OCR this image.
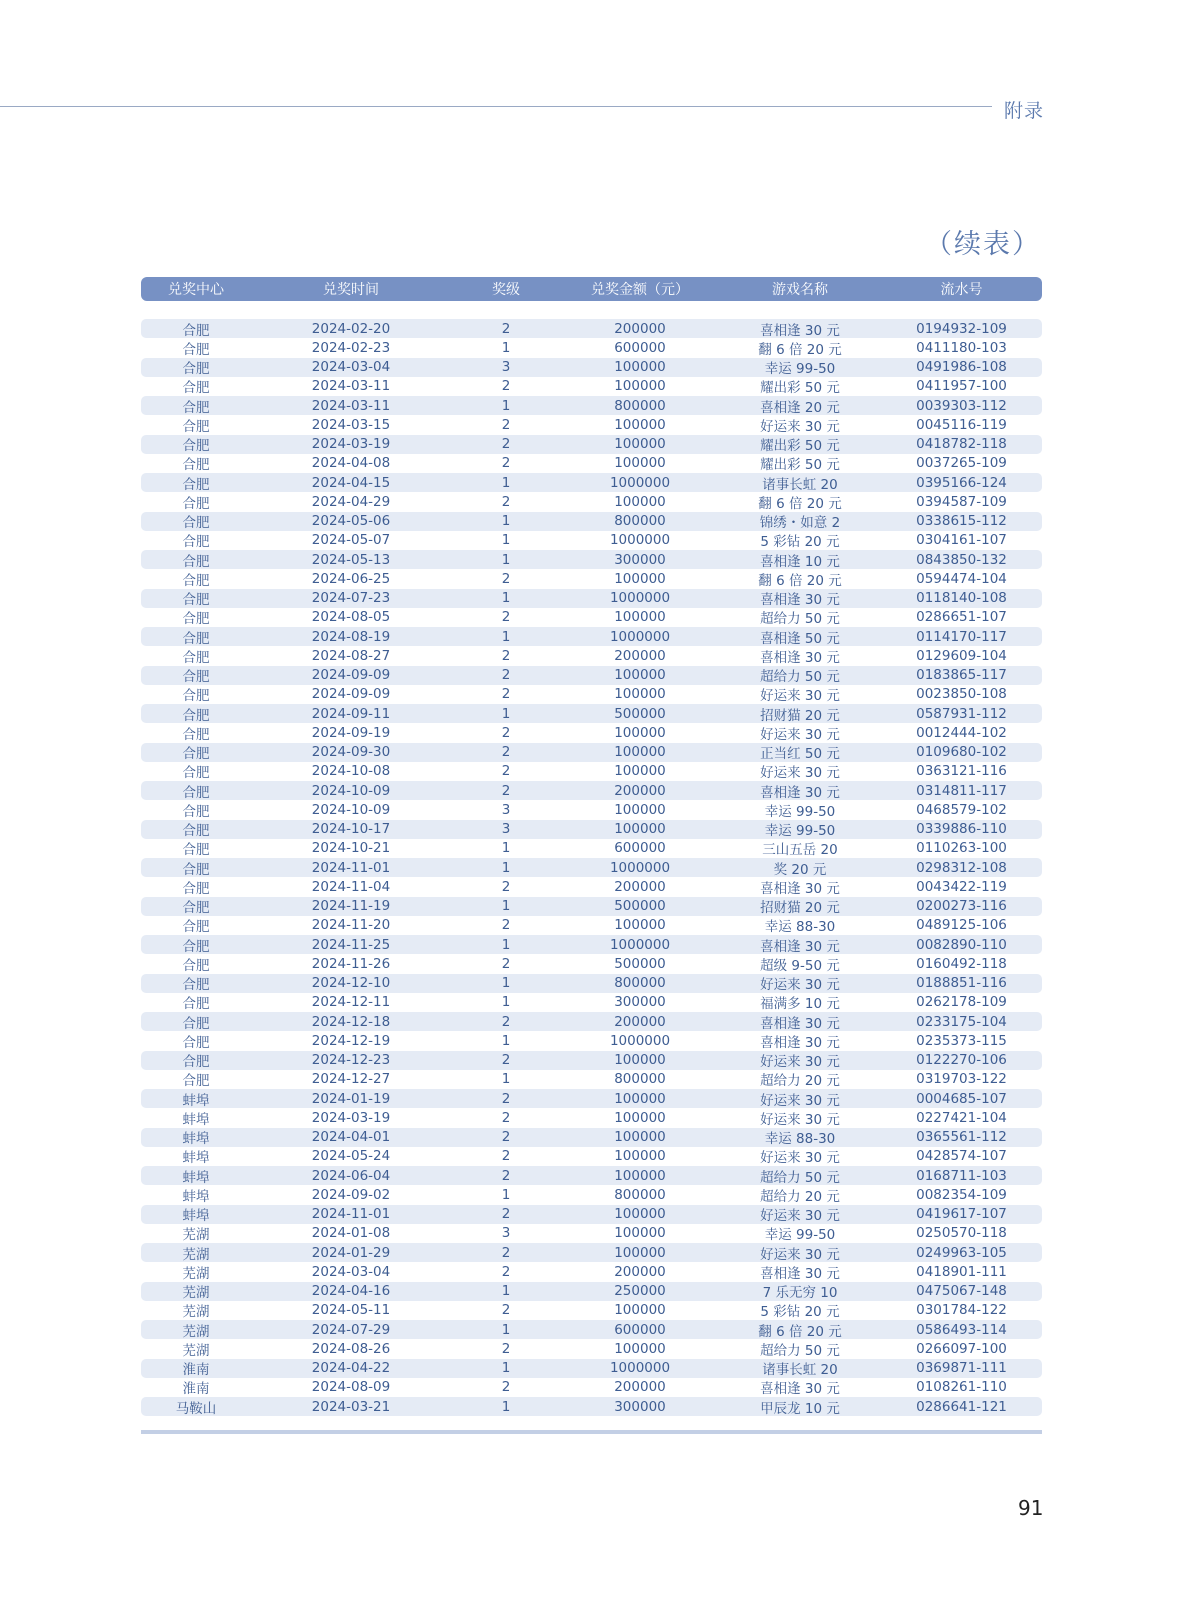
附录
（续表）
兑奖中心	兑奖时间	奖级	兑奖金额（元）	游戏名称	流水号
合肥	2024-02-20	2	200000	喜相逢 30 元	0194932-109
合肥	2024-02-23	1	600000	翻 6 倍 20 元	0411180-103
合肥	2024-03-04	3	100000	幸运 99-50	0491986-108
合肥	2024-03-11	2	100000	耀出彩 50 元	0411957-100
合肥	2024-03-11	1	800000	喜相逢 20 元	0039303-112
合肥	2024-03-15	2	100000	好运来 30 元	0045116-119
合肥	2024-03-19	2	100000	耀出彩 50 元	0418782-118
合肥	2024-04-08	2	100000	耀出彩 50 元	0037265-109
合肥	2024-04-15	1	1000000	诸事长虹 20	0395166-124
合肥	2024-04-29	2	100000	翻 6 倍 20 元	0394587-109
合肥	2024-05-06	1	800000	锦绣・如意 2	0338615-112
合肥	2024-05-07	1	1000000	5 彩钻 20 元	0304161-107
合肥	2024-05-13	1	300000	喜相逢 10 元	0843850-132
合肥	2024-06-25	2	100000	翻 6 倍 20 元	0594474-104
合肥	2024-07-23	1	1000000	喜相逢 30 元	0118140-108
合肥	2024-08-05	2	100000	超给力 50 元	0286651-107
合肥	2024-08-19	1	1000000	喜相逢 50 元	0114170-117
合肥	2024-08-27	2	200000	喜相逢 30 元	0129609-104
合肥	2024-09-09	2	100000	超给力 50 元	0183865-117
合肥	2024-09-09	2	100000	好运来 30 元	0023850-108
合肥	2024-09-11	1	500000	招财猫 20 元	0587931-112
合肥	2024-09-19	2	100000	好运来 30 元	0012444-102
合肥	2024-09-30	2	100000	正当红 50 元	0109680-102
合肥	2024-10-08	2	100000	好运来 30 元	0363121-116
合肥	2024-10-09	2	200000	喜相逢 30 元	0314811-117
合肥	2024-10-09	3	100000	幸运 99-50	0468579-102
合肥	2024-10-17	3	100000	幸运 99-50	0339886-110
合肥	2024-10-21	1	600000	三山五岳 20	0110263-100
合肥	2024-11-01	1	1000000	奖 20 元	0298312-108
合肥	2024-11-04	2	200000	喜相逢 30 元	0043422-119
合肥	2024-11-19	1	500000	招财猫 20 元	0200273-116
合肥	2024-11-20	2	100000	幸运 88-30	0489125-106
合肥	2024-11-25	1	1000000	喜相逢 30 元	0082890-110
合肥	2024-11-26	2	500000	超级 9-50 元	0160492-118
合肥	2024-12-10	1	800000	好运来 30 元	0188851-116
合肥	2024-12-11	1	300000	福满多 10 元	0262178-109
合肥	2024-12-18	2	200000	喜相逢 30 元	0233175-104
合肥	2024-12-19	1	1000000	喜相逢 30 元	0235373-115
合肥	2024-12-23	2	100000	好运来 30 元	0122270-106
合肥	2024-12-27	1	800000	超给力 20 元	0319703-122
蚌埠	2024-01-19	2	100000	好运来 30 元	0004685-107
蚌埠	2024-03-19	2	100000	好运来 30 元	0227421-104
蚌埠	2024-04-01	2	100000	幸运 88-30	0365561-112
蚌埠	2024-05-24	2	100000	好运来 30 元	0428574-107
蚌埠	2024-06-04	2	100000	超给力 50 元	0168711-103
蚌埠	2024-09-02	1	800000	超给力 20 元	0082354-109
蚌埠	2024-11-01	2	100000	好运来 30 元	0419617-107
芜湖	2024-01-08	3	100000	幸运 99-50	0250570-118
芜湖	2024-01-29	2	100000	好运来 30 元	0249963-105
芜湖	2024-03-04	2	200000	喜相逢 30 元	0418901-111
芜湖	2024-04-16	1	250000	7 乐无穷 10	0475067-148
芜湖	2024-05-11	2	100000	5 彩钻 20 元	0301784-122
芜湖	2024-07-29	1	600000	翻 6 倍 20 元	0586493-114
芜湖	2024-08-26	2	100000	超给力 50 元	0266097-100
淮南	2024-04-22	1	1000000	诸事长虹 20	0369871-111
淮南	2024-08-09	2	200000	喜相逢 30 元	0108261-110
马鞍山	2024-03-21	1	300000	甲辰龙 10 元	0286641-121
91
